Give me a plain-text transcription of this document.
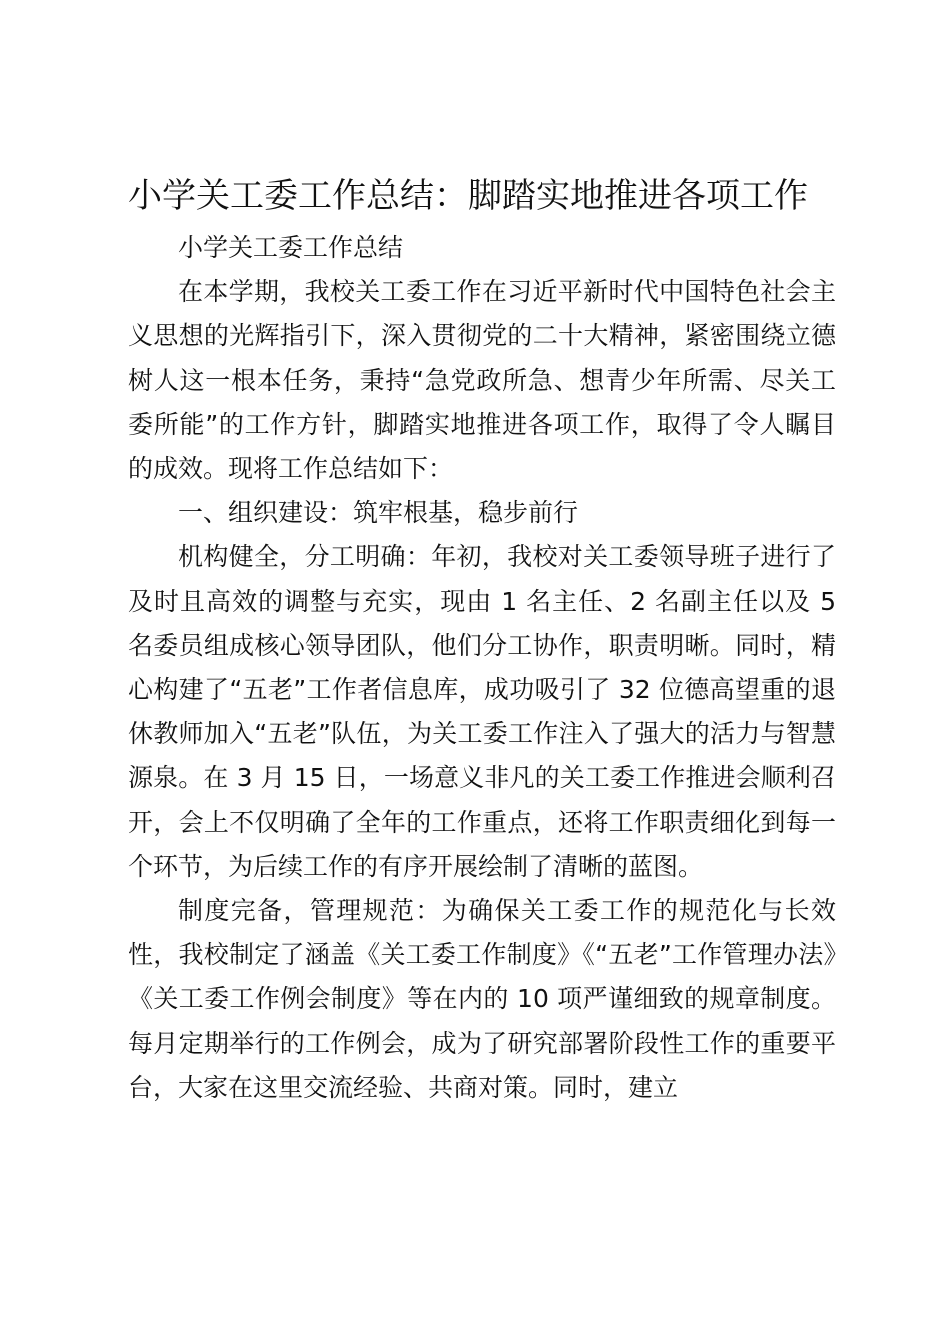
小学关工委工作总结：脚踏实地推进各项工作

小学关工委工作总结

在本学期，我校关工委工作在习近平新时代中国特色社会主义思想的光辉指引下，深入贯彻党的二十大精神，紧密围绕立德树人这一根本任务，秉持“急党政所急、想青少年所需、尽关工委所能”的工作方针，脚踏实地推进各项工作，取得了令人瞩目的成效。现将工作总结如下：

一、组织建设：筑牢根基，稳步前行

机构健全，分工明确：年初，我校对关工委领导班子进行了及时且高效的调整与充实，现由 1 名主任、2 名副主任以及 5 名委员组成核心领导团队，他们分工协作，职责明晰。同时，精心构建了“五老”工作者信息库，成功吸引了 32 位德高望重的退休教师加入“五老”队伍，为关工委工作注入了强大的活力与智慧源泉。在 3 月 15 日，一场意义非凡的关工委工作推进会顺利召开，会上不仅明确了全年的工作重点，还将工作职责细化到每一个环节，为后续工作的有序开展绘制了清晰的蓝图。

制度完备，管理规范：为确保关工委工作的规范化与长效性，我校制定了涵盖《关工委工作制度》《“五老”工作管理办法》《关工委工作例会制度》等在内的 10 项严谨细致的规章制度。每月定期举行的工作例会，成为了研究部署阶段性工作的重要平台，大家在这里交流经验、共商对策。同时，建立
